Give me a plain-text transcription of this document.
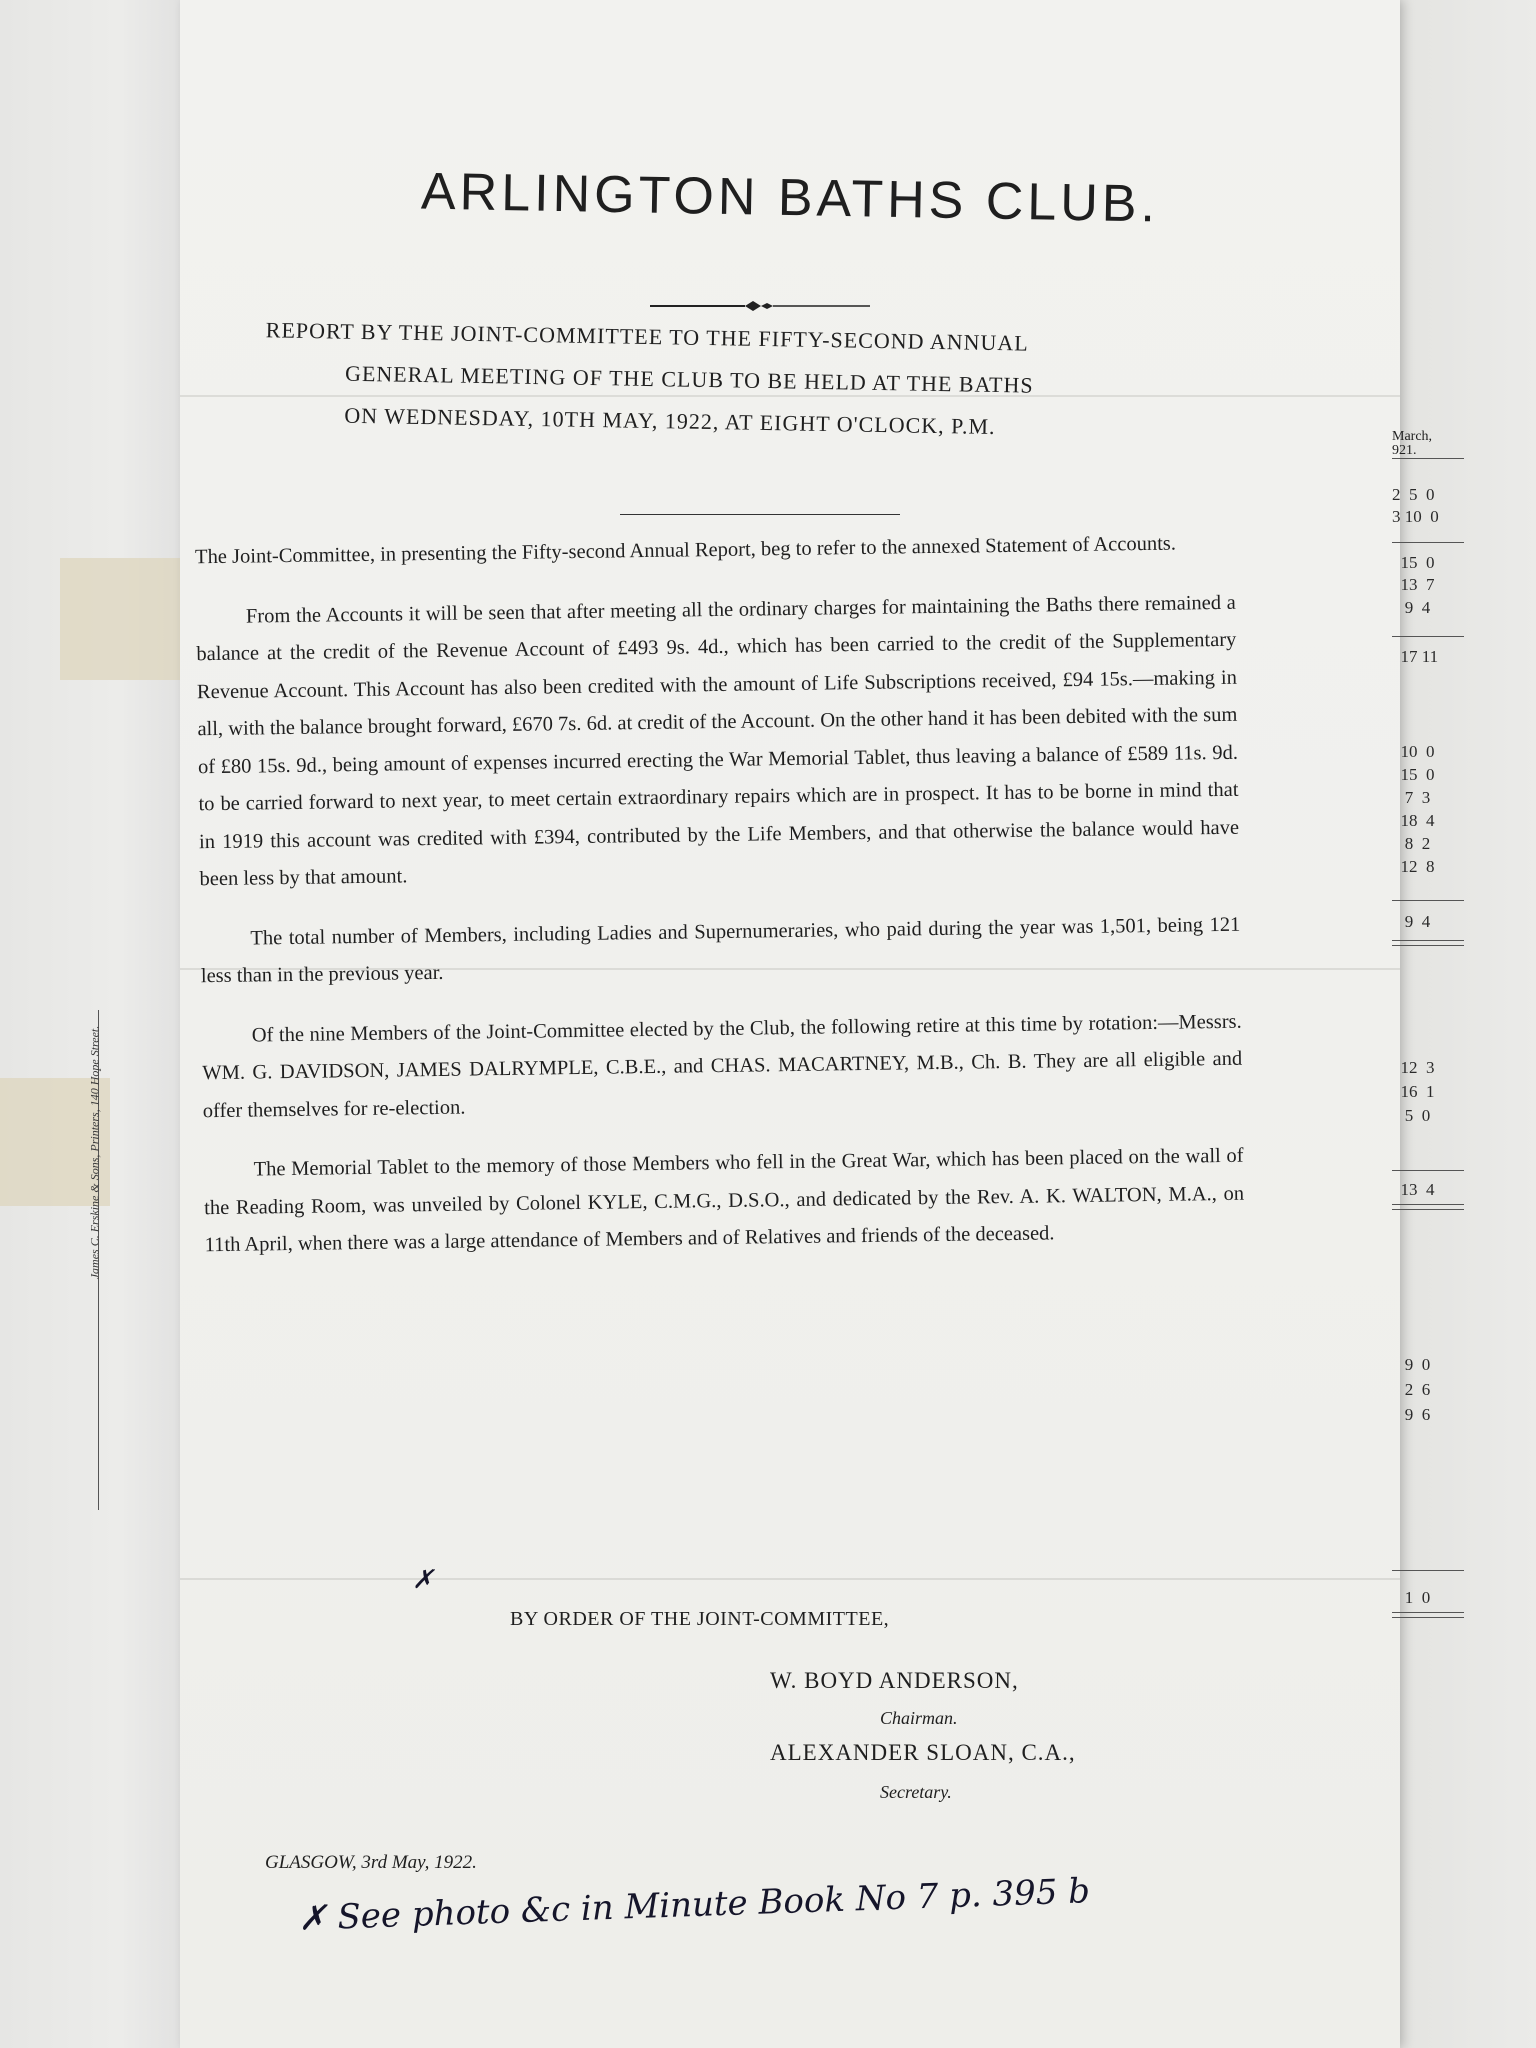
James C. Erskine & Sons, Printers, 140 Hope Street.
ARLINGTON BATHS CLUB.
REPORT BY THE JOINT-COMMITTEE TO THE FIFTY-SECOND ANNUAL
GENERAL MEETING OF THE CLUB TO BE HELD AT THE BATHS
ON WEDNESDAY, 10TH MAY, 1922, AT EIGHT O'CLOCK, P.M.

The Joint-Committee, in presenting the Fifty-second Annual Report, beg to refer to the annexed Statement of Accounts.

From the Accounts it will be seen that after meeting all the ordinary charges for maintaining the Baths there remained a balance at the credit of the Revenue Account of £493 9s. 4d., which has been carried to the credit of the Supplementary Revenue Account. This Account has also been credited with the amount of Life Subscriptions received, £94 15s.—making in all, with the balance brought forward, £670 7s. 6d. at credit of the Account. On the other hand it has been debited with the sum of £80 15s. 9d., being amount of expenses incurred erecting the War Memorial Tablet, thus leaving a balance of £589 11s. 9d. to be carried forward to next year, to meet certain extraordinary repairs which are in prospect. It has to be borne in mind that in 1919 this account was credited with £394, contributed by the Life Members, and that otherwise the balance would have been less by that amount.

The total number of Members, including Ladies and Supernumeraries, who paid during the year was 1,501, being 121 less than in the previous year.

Of the nine Members of the Joint-Committee elected by the Club, the following retire at this time by rotation:—Messrs. WM. G. DAVIDSON, JAMES DALRYMPLE, C.B.E., and CHAS. MACARTNEY, M.B., Ch. B. They are all eligible and offer themselves for re-election.

The Memorial Tablet to the memory of those Members who fell in the Great War, which has been placed on the wall of the Reading Room, was unveiled by Colonel KYLE, C.M.G., D.S.O., and dedicated by the Rev. A. K. WALTON, M.A., on 11th April, when there was a large attendance of Members and of Relatives and friends of the deceased.

✗
BY ORDER OF THE JOINT-COMMITTEE,
W. BOYD ANDERSON,
Chairman.
ALEXANDER SLOAN, C.A.,
Secretary.
GLASGOW, 3rd May, 1922.
✗ See photo &c in Minute Book No 7 p. 395 b
March,
921.
2  5  0
3 10  0
15  0
13  7
9  4
17 11
10  0
15  0
7  3
18  4
8  2
12  8
9  4
12  3
16  1
5  0
13  4
9  0
2  6
9  6
1  0
